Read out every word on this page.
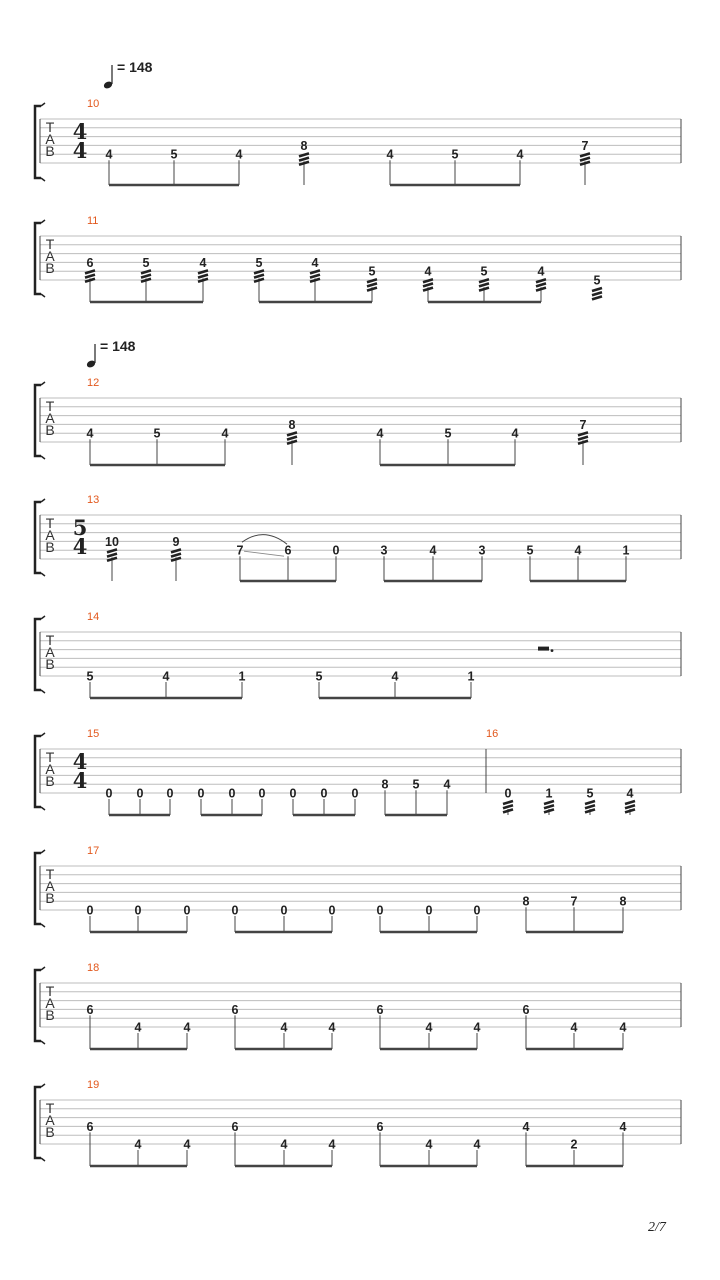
T
A
B
10
= 148
4
4 4	5	4
8
4	5	4
7
T
A
B
11
6	5	4	5	4
5	4	5	4
5
T
A
B
12
= 148
4	5	4
8
4	5	4
7
T
A
B
13
5
4 10	9
7	6	0	3	4	3	5	4	1
T
A
B
14
5	4	1	5	4	1
T
A
B
15	16
4
4
0 0 0 0 0 0 0 0 0
8 5 4
0	1	5	4
T
A
B
17
0	0	0	0	0	0	0	0	0
8	7	8
T
A
B
18
6
4	4
6
4	4
6
4	4
6
4	4
T
A
B
19
6
4	4
6
4	4
6
4	4
4
2
4
2/7
